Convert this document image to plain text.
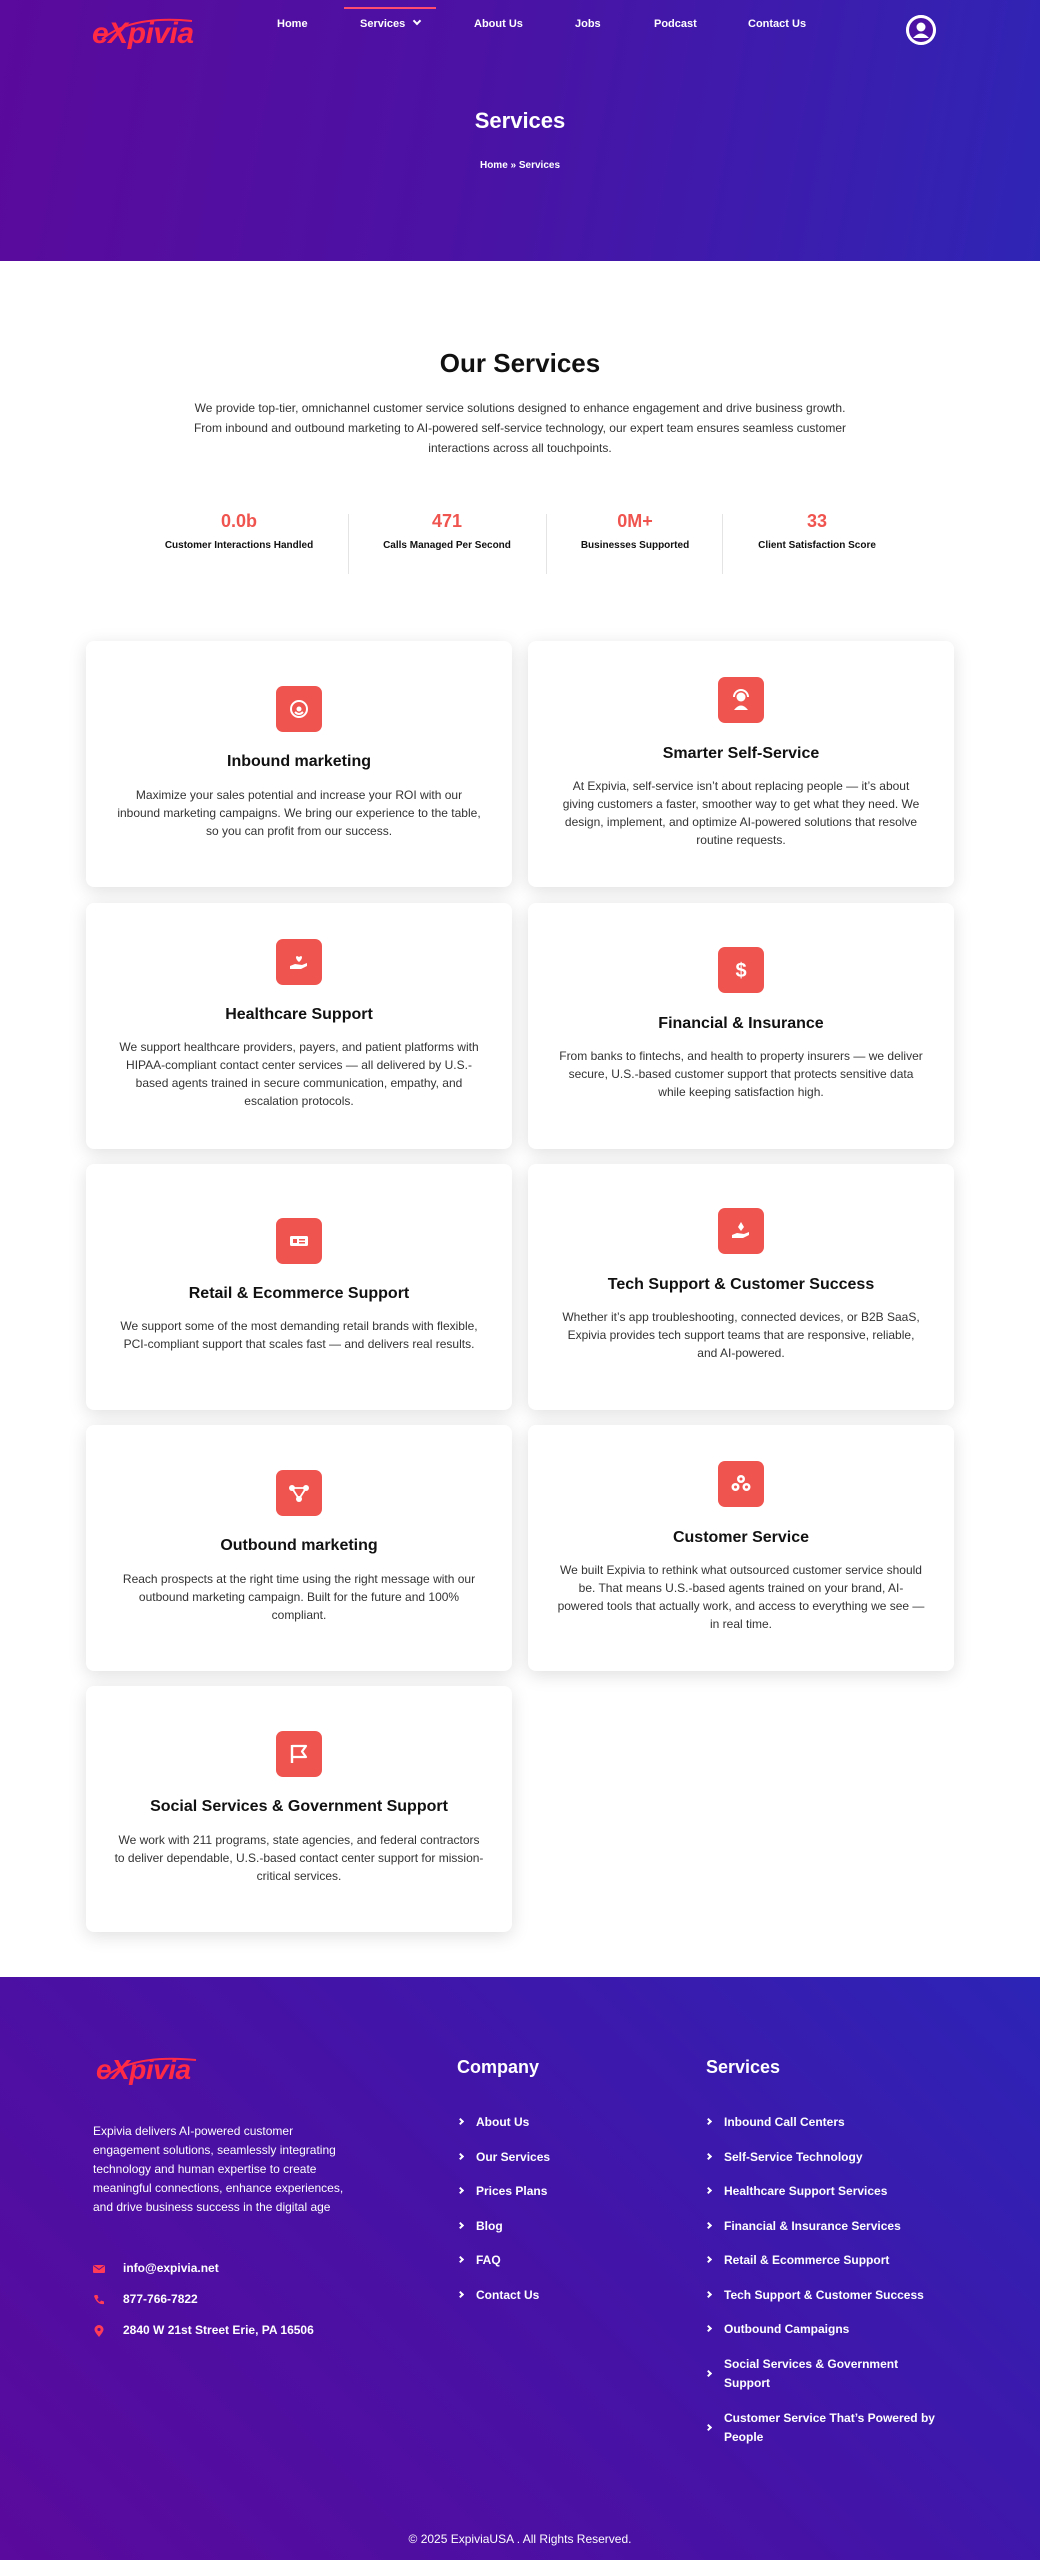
eXpivia	Home	Services	About Us	Jobs	Podcast	Contact Us
Services
Home » Services
Our Services
We provide top-tier, omnichannel customer service solutions designed to enhance engagement and drive business growth. From inbound and outbound marketing to AI-powered self-service technology, our expert team ensures seamless customer interactions across all touchpoints.
0.0b
Customer Interactions Handled
471
Calls Managed Per Second
0M+
Businesses Supported
33
Client Satisfaction Score
Inbound marketing
Maximize your sales potential and increase your ROI with our inbound marketing campaigns. We bring our experience to the table, so you can profit from our success.
Smarter Self-Service
At Expivia, self-service isn’t about replacing people — it’s about giving customers a faster, smoother way to get what they need. We design, implement, and optimize AI-powered solutions that resolve routine requests.
Healthcare Support
We support healthcare providers, payers, and patient platforms with HIPAA-compliant contact center services — all delivered by U.S.-based agents trained in secure communication, empathy, and escalation protocols.
$
Financial & Insurance
From banks to fintechs, and health to property insurers — we deliver secure, U.S.-based customer support that protects sensitive data while keeping satisfaction high.
Retail & Ecommerce Support
We support some of the most demanding retail brands with flexible, PCI-compliant support that scales fast — and delivers real results.
Tech Support & Customer Success
Whether it’s app troubleshooting, connected devices, or B2B SaaS, Expivia provides tech support teams that are responsive, reliable, and AI-powered.
Outbound marketing
Reach prospects at the right time using the right message with our outbound marketing campaign. Built for the future and 100% compliant.
Customer Service
We built Expivia to rethink what outsourced customer service should be. That means U.S.-based agents trained on your brand, AI-powered tools that actually work, and access to everything we see — in real time.
Social Services & Government Support
We work with 211 programs, state agencies, and federal contractors to deliver dependable, U.S.-based contact center support for mission-critical services.
eXpivia
Expivia delivers AI-powered customer engagement solutions, seamlessly integrating technology and human expertise to create meaningful connections, enhance experiences, and drive business success in the digital age
info@expivia.net
877-766-7822
2840 W 21st Street Erie, PA 16506
Company
About Us
Our Services
Prices Plans
Blog
FAQ
Contact Us
Services
Inbound Call Centers
Self-Service Technology
Healthcare Support Services
Financial & Insurance Services
Retail & Ecommerce Support
Tech Support & Customer Success
Outbound Campaigns
Social Services & Government Support
Customer Service That’s Powered by People
© 2025 ExpiviaUSA . All Rights Reserved.
